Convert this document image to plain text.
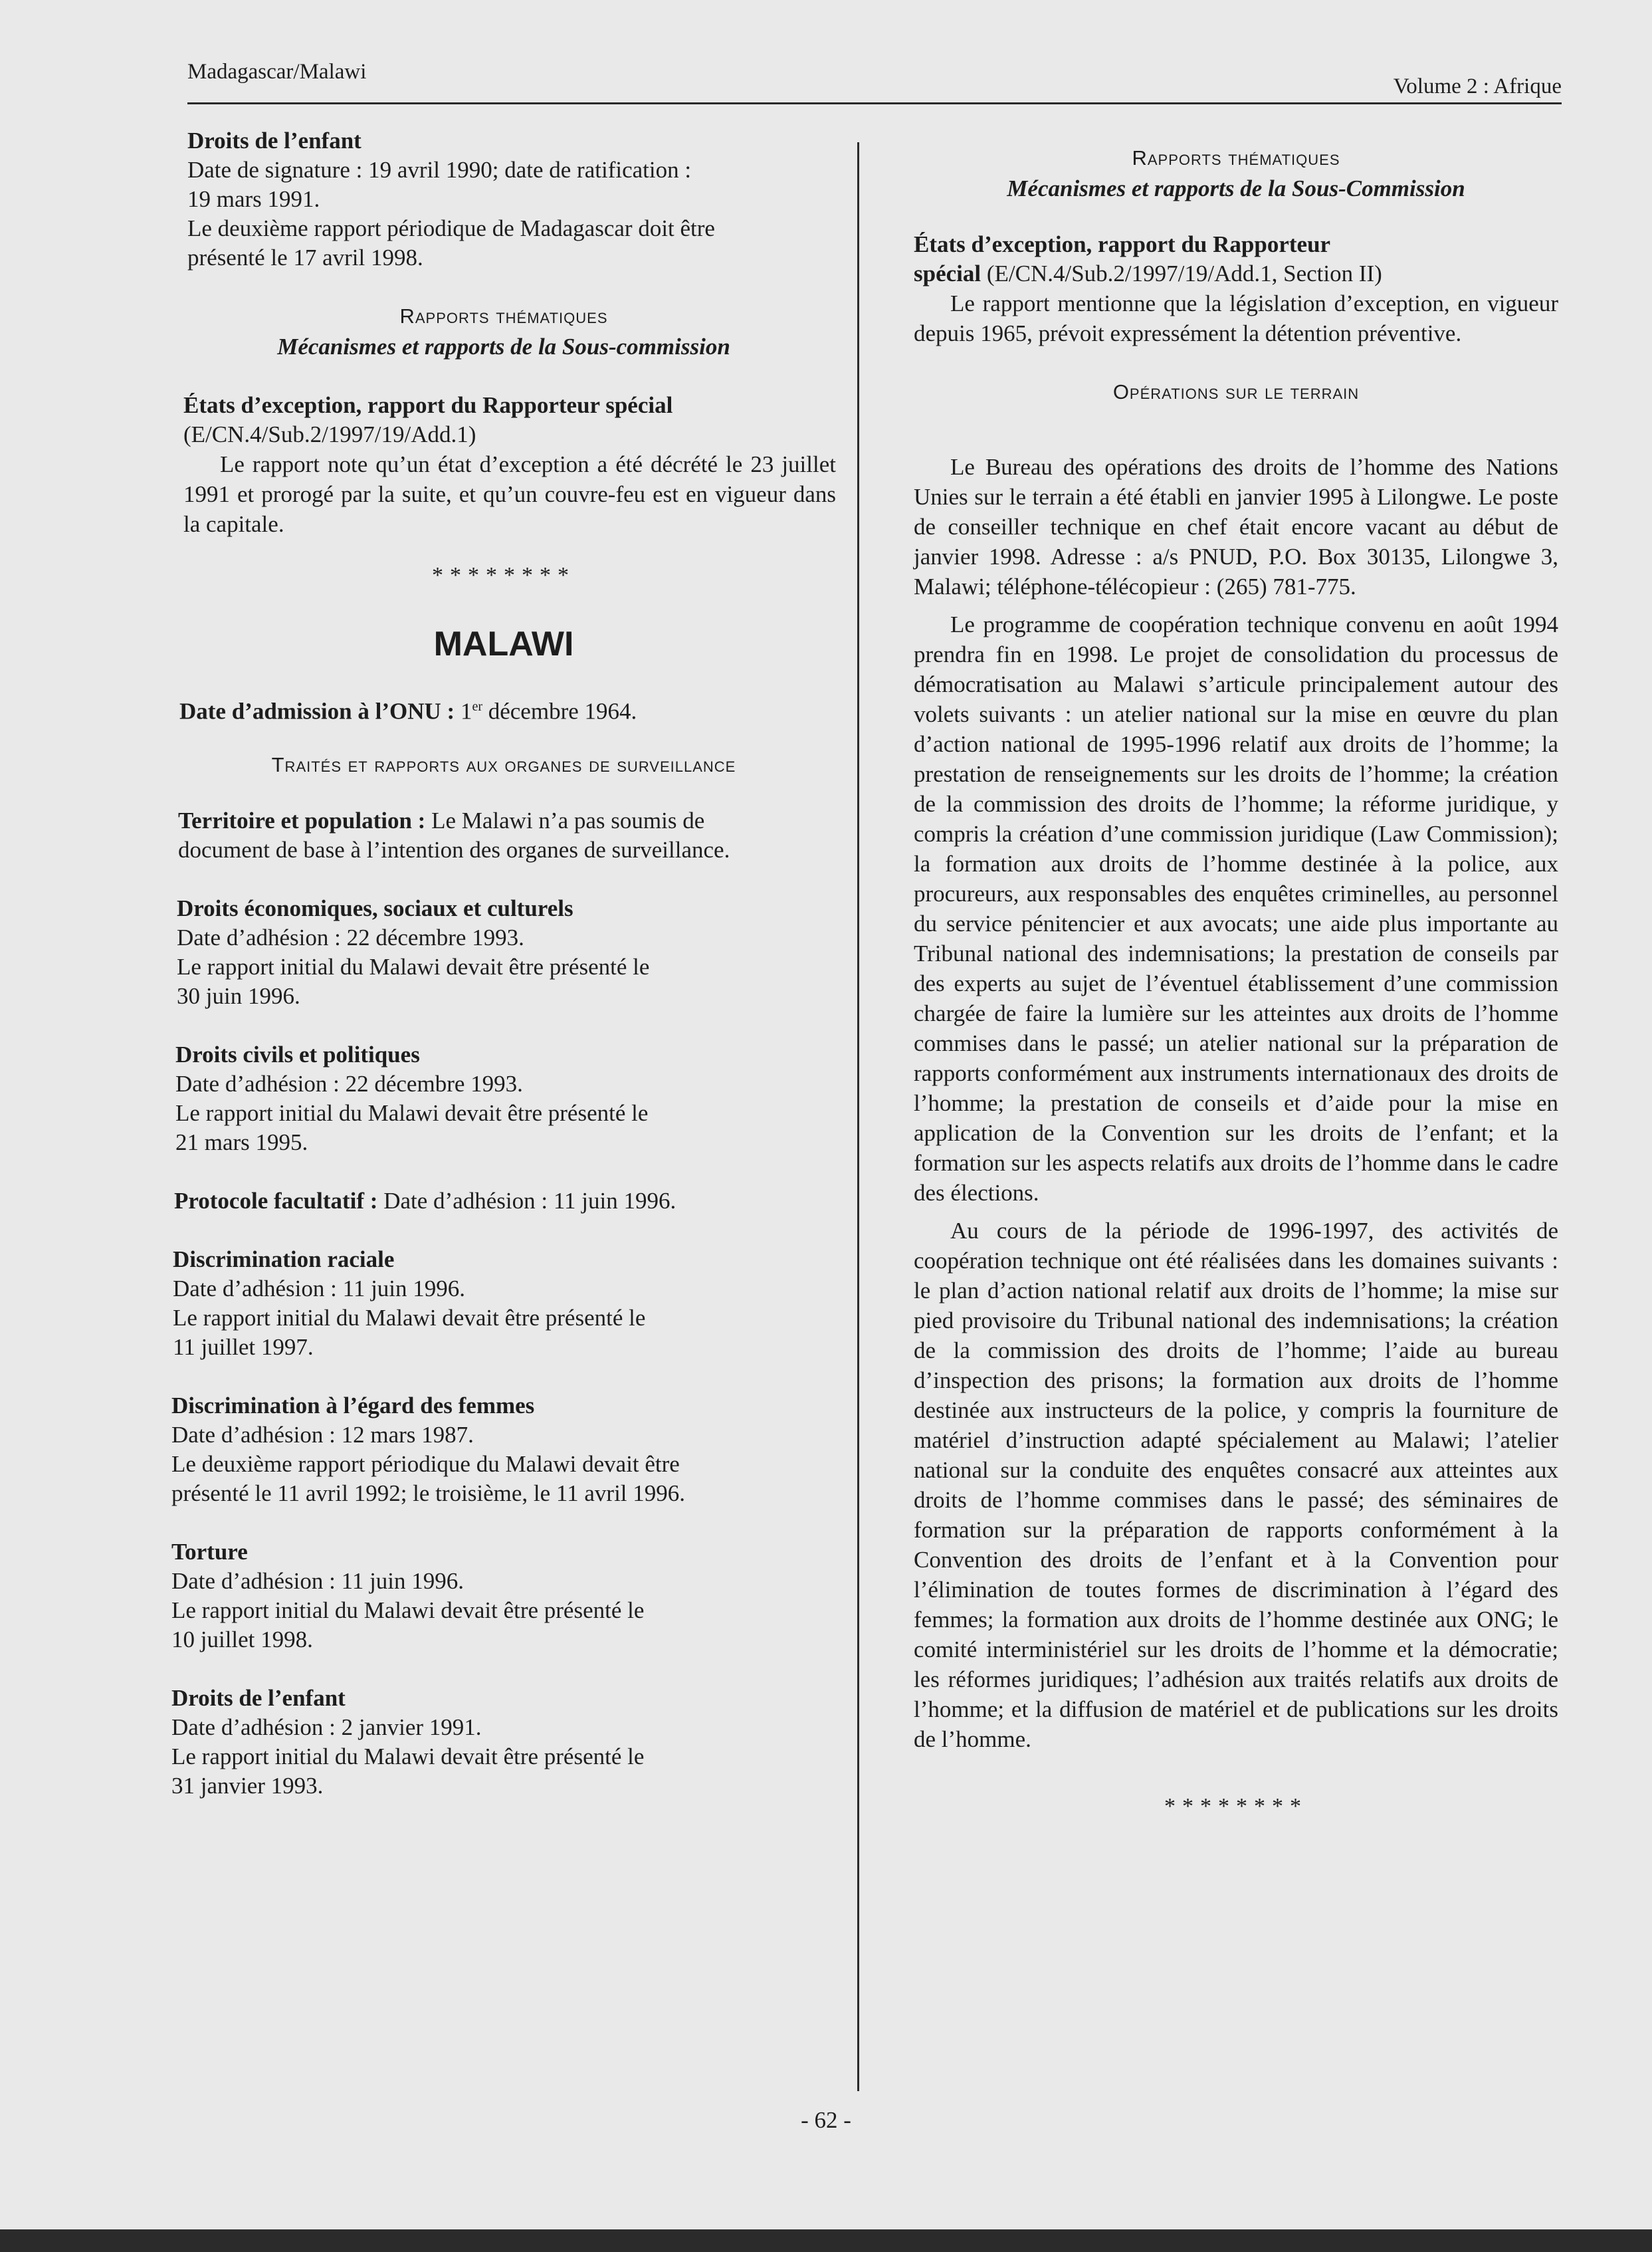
Madagascar/Malawi
Volume 2 : Afrique
Droits de l’enfant
Date de signature : 19 avril 1990; date de ratification :
19 mars 1991.
Le deuxième rapport périodique de Madagascar doit être
présenté le 17 avril 1998.
Rapports thématiques
Mécanismes et rapports de la Sous-commission
États d’exception, rapport du Rapporteur spécial
(E/CN.4/Sub.2/1997/19/Add.1)

Le rapport note qu’un état d’exception a été décrété le 23 juillet 1991 et prorogé par la suite, et qu’un couvre-feu est en vigueur dans la capitale.

********
MALAWI
Date d’admission à l’ONU : 1er décembre 1964.
Traités et rapports aux organes de surveillance
Territoire et population : Le Malawi n’a pas soumis de
document de base à l’intention des organes de surveillance.
Droits économiques, sociaux et culturels
Date d’adhésion : 22 décembre 1993.
Le rapport initial du Malawi devait être présenté le
30 juin 1996.
Droits civils et politiques
Date d’adhésion : 22 décembre 1993.
Le rapport initial du Malawi devait être présenté le
21 mars 1995.
Protocole facultatif : Date d’adhésion : 11 juin 1996.
Discrimination raciale
Date d’adhésion : 11 juin 1996.
Le rapport initial du Malawi devait être présenté le
11 juillet 1997.
Discrimination à l’égard des femmes
Date d’adhésion : 12 mars 1987.
Le deuxième rapport périodique du Malawi devait être
présenté le 11 avril 1992; le troisième, le 11 avril 1996.
Torture
Date d’adhésion : 11 juin 1996.
Le rapport initial du Malawi devait être présenté le
10 juillet 1998.
Droits de l’enfant
Date d’adhésion : 2 janvier 1991.
Le rapport initial du Malawi devait être présenté le
31 janvier 1993.
Rapports thématiques
Mécanismes et rapports de la Sous-Commission
États d’exception, rapport du Rapporteur
spécial (E/CN.4/Sub.2/1997/19/Add.1, Section II)

Le rapport mentionne que la législation d’exception, en vigueur depuis 1965, prévoit expressément la détention préventive.

Opérations sur le terrain

Le Bureau des opérations des droits de l’homme des Nations Unies sur le terrain a été établi en janvier 1995 à Lilongwe. Le poste de conseiller technique en chef était encore vacant au début de janvier 1998. Adresse : a/s PNUD, P.O. Box 30135, Lilongwe 3, Malawi; téléphone-télécopieur : (265) 781-775.

Le programme de coopération technique convenu en août 1994 prendra fin en 1998. Le projet de consolidation du processus de démocratisation au Malawi s’articule principalement autour des volets suivants : un atelier national sur la mise en œuvre du plan d’action national de 1995-1996 relatif aux droits de l’homme; la prestation de renseignements sur les droits de l’homme; la création de la commission des droits de l’homme; la réforme juridique, y compris la création d’une commission juridique (Law Commission); la formation aux droits de l’homme destinée à la police, aux procureurs, aux responsables des enquêtes criminelles, au personnel du service pénitencier et aux avocats; une aide plus importante au Tribunal national des indemnisations; la prestation de conseils par des experts au sujet de l’éventuel établissement d’une commission chargée de faire la lumière sur les atteintes aux droits de l’homme commises dans le passé; un atelier national sur la préparation de rapports conformément aux instruments internationaux des droits de l’homme; la prestation de conseils et d’aide pour la mise en application de la Convention sur les droits de l’enfant; et la formation sur les aspects relatifs aux droits de l’homme dans le cadre des élections.

Au cours de la période de 1996-1997, des activités de coopération technique ont été réalisées dans les domaines suivants : le plan d’action national relatif aux droits de l’homme; la mise sur pied provisoire du Tribunal national des indemnisations; la création de la commission des droits de l’homme; l’aide au bureau d’inspection des prisons; la formation aux droits de l’homme destinée aux instructeurs de la police, y compris la fourniture de matériel d’instruction adapté spécialement au Malawi; l’atelier national sur la conduite des enquêtes consacré aux atteintes aux droits de l’homme commises dans le passé; des séminaires de formation sur la préparation de rapports conformément à la Convention des droits de l’enfant et à la Convention pour l’élimination de toutes formes de discrimination à l’égard des femmes; la formation aux droits de l’homme destinée aux ONG; le comité interministériel sur les droits de l’homme et la démocratie; les réformes juridiques; l’adhésion aux traités relatifs aux droits de l’homme; et la diffusion de matériel et de publications sur les droits de l’homme.

********
- 62 -
